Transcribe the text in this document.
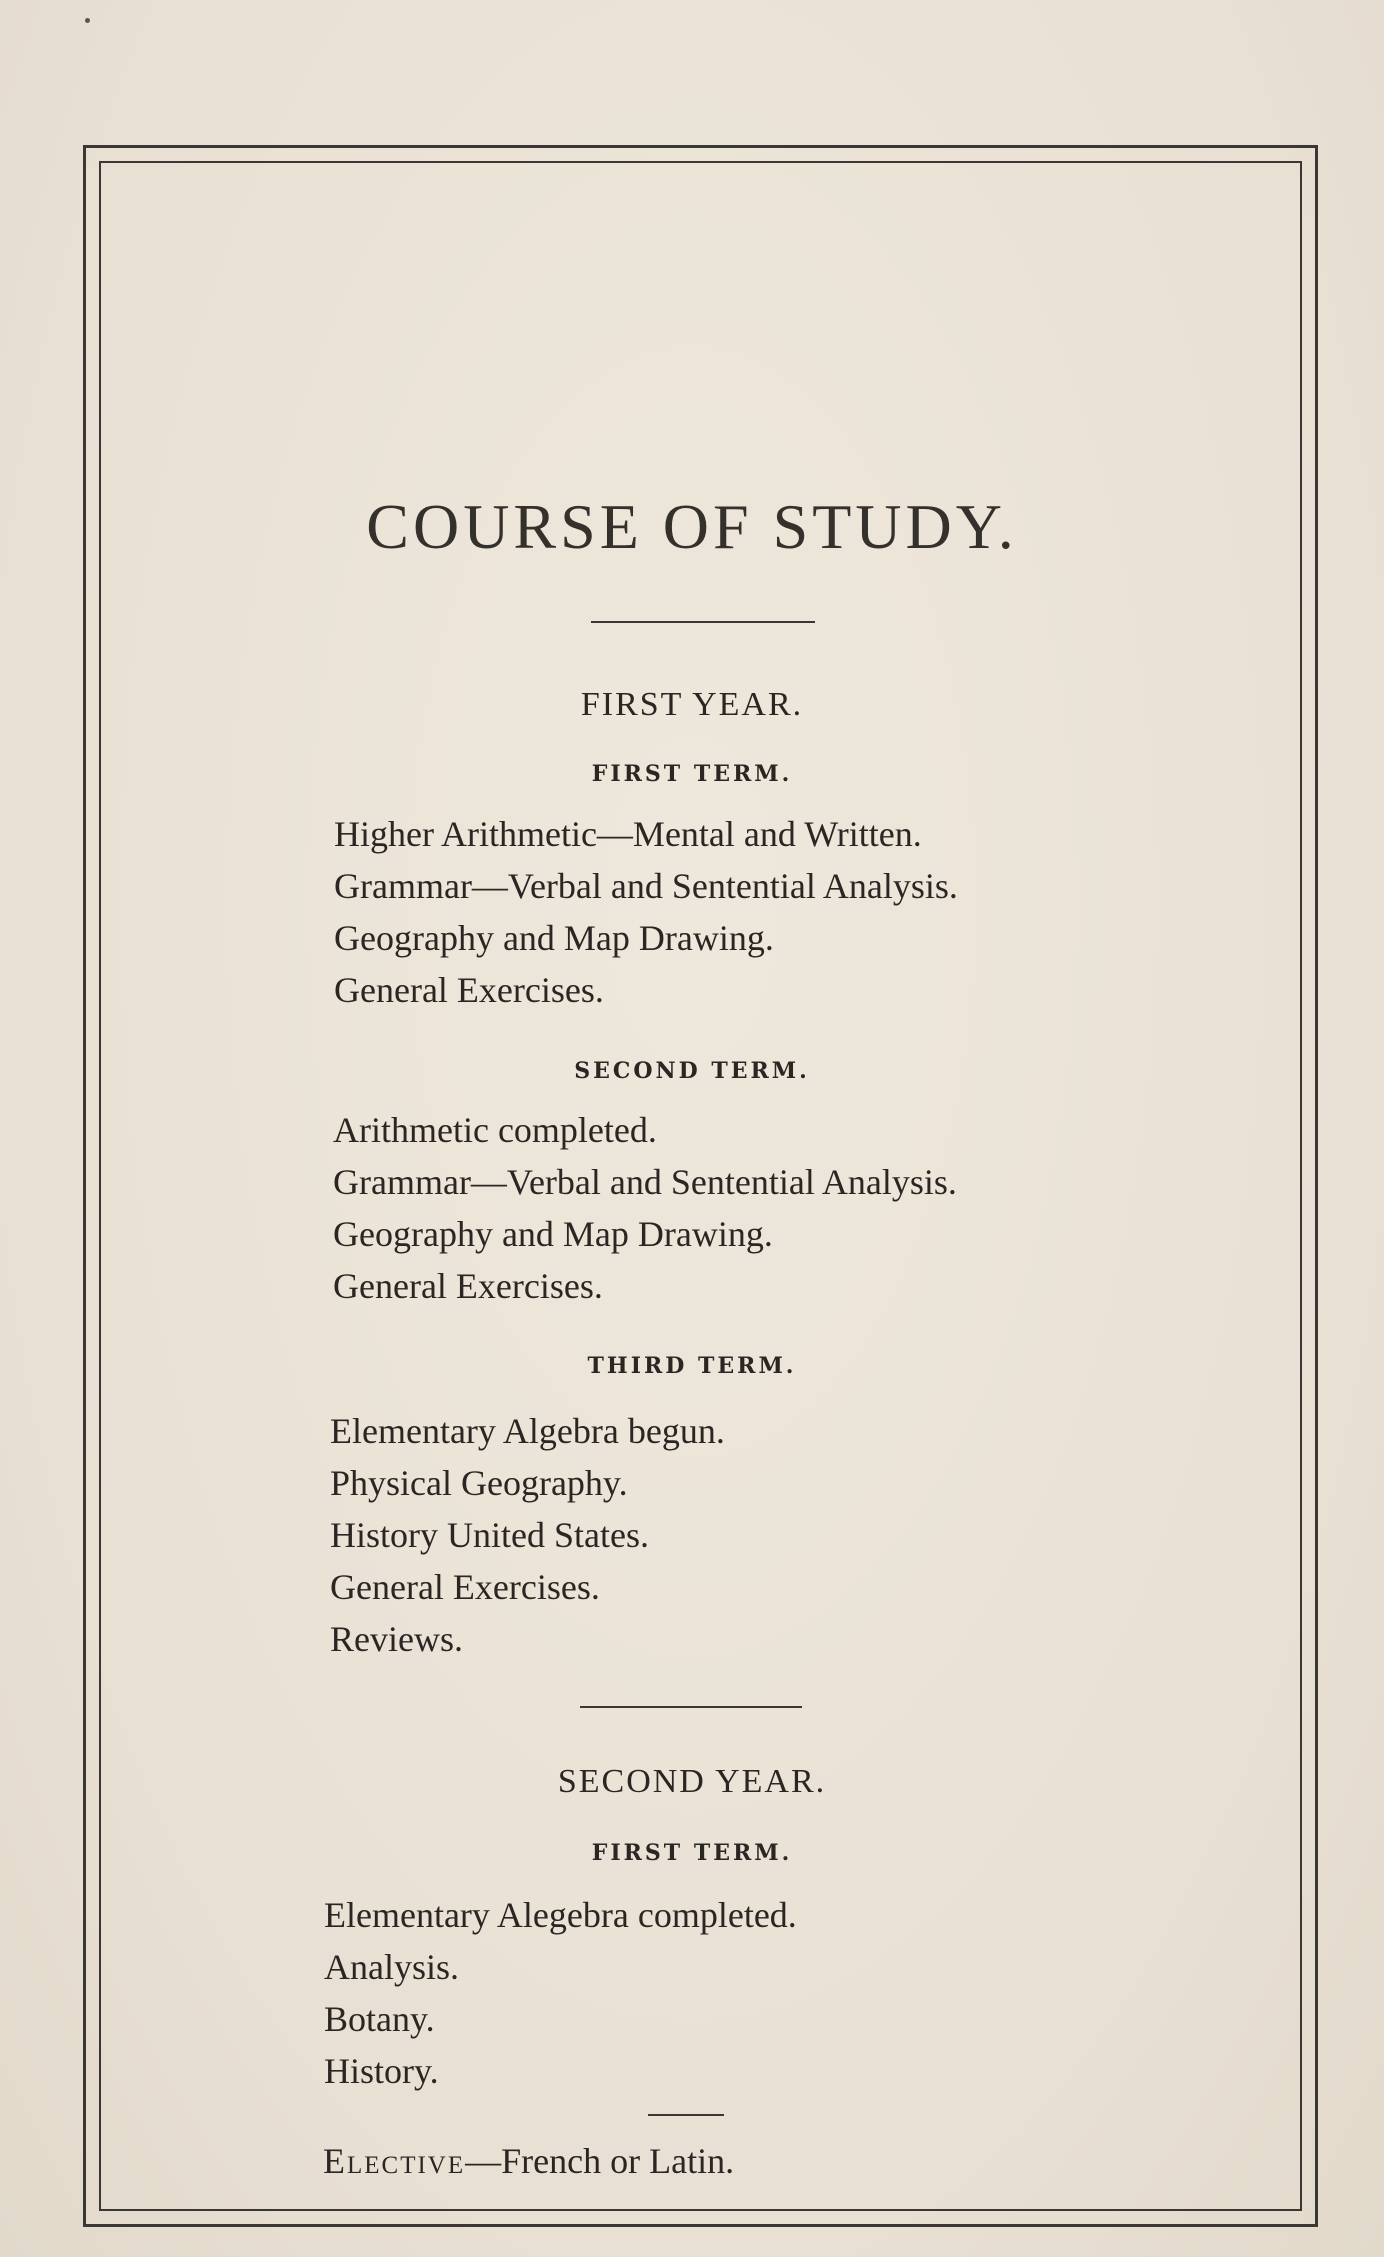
COURSE OF STUDY.
FIRST YEAR.
FIRST TERM.
Higher Arithmetic—Mental and Written.
Grammar—Verbal and Sentential Analysis.
Geography and Map Drawing.
General Exercises.
SECOND TERM.
Arithmetic completed.
Grammar—Verbal and Sentential Analysis.
Geography and Map Drawing.
General Exercises.
THIRD TERM.
Elementary Algebra begun.
Physical Geography.
History United States.
General Exercises.
Reviews.
SECOND YEAR.
FIRST TERM.
Elementary Alegebra completed.
Analysis.
Botany.
History.
Elective—French or Latin.
